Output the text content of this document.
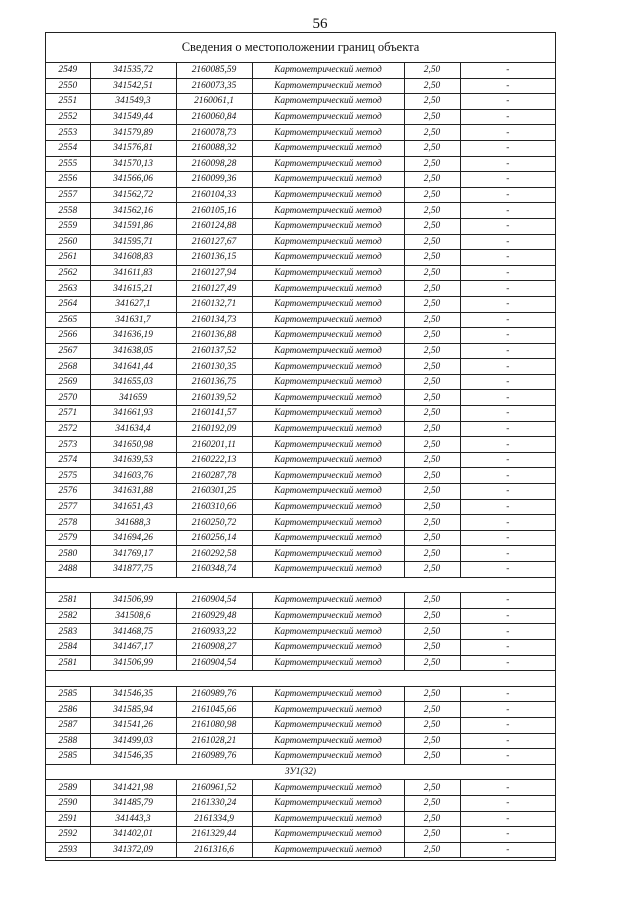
56
Сведения о местоположении границ объекта
2549	341535,72	2160085,59	Картометрический метод	2,50	-
2550	341542,51	2160073,35	Картометрический метод	2,50	-
2551	341549,3	2160061,1	Картометрический метод	2,50	-
2552	341549,44	2160060,84	Картометрический метод	2,50	-
2553	341579,89	2160078,73	Картометрический метод	2,50	-
2554	341576,81	2160088,32	Картометрический метод	2,50	-
2555	341570,13	2160098,28	Картометрический метод	2,50	-
2556	341566,06	2160099,36	Картометрический метод	2,50	-
2557	341562,72	2160104,33	Картометрический метод	2,50	-
2558	341562,16	2160105,16	Картометрический метод	2,50	-
2559	341591,86	2160124,88	Картометрический метод	2,50	-
2560	341595,71	2160127,67	Картометрический метод	2,50	-
2561	341608,83	2160136,15	Картометрический метод	2,50	-
2562	341611,83	2160127,94	Картометрический метод	2,50	-
2563	341615,21	2160127,49	Картометрический метод	2,50	-
2564	341627,1	2160132,71	Картометрический метод	2,50	-
2565	341631,7	2160134,73	Картометрический метод	2,50	-
2566	341636,19	2160136,88	Картометрический метод	2,50	-
2567	341638,05	2160137,52	Картометрический метод	2,50	-
2568	341641,44	2160130,35	Картометрический метод	2,50	-
2569	341655,03	2160136,75	Картометрический метод	2,50	-
2570	341659	2160139,52	Картометрический метод	2,50	-
2571	341661,93	2160141,57	Картометрический метод	2,50	-
2572	341634,4	2160192,09	Картометрический метод	2,50	-
2573	341650,98	2160201,11	Картометрический метод	2,50	-
2574	341639,53	2160222,13	Картометрический метод	2,50	-
2575	341603,76	2160287,78	Картометрический метод	2,50	-
2576	341631,88	2160301,25	Картометрический метод	2,50	-
2577	341651,43	2160310,66	Картометрический метод	2,50	-
2578	341688,3	2160250,72	Картометрический метод	2,50	-
2579	341694,26	2160256,14	Картометрический метод	2,50	-
2580	341769,17	2160292,58	Картометрический метод	2,50	-
2488	341877,75	2160348,74	Картометрический метод	2,50	-

2581	341506,99	2160904,54	Картометрический метод	2,50	-
2582	341508,6	2160929,48	Картометрический метод	2,50	-
2583	341468,75	2160933,22	Картометрический метод	2,50	-
2584	341467,17	2160908,27	Картометрический метод	2,50	-
2581	341506,99	2160904,54	Картометрический метод	2,50	-

2585	341546,35	2160989,76	Картометрический метод	2,50	-
2586	341585,94	2161045,66	Картометрический метод	2,50	-
2587	341541,26	2161080,98	Картометрический метод	2,50	-
2588	341499,03	2161028,21	Картометрический метод	2,50	-
2585	341546,35	2160989,76	Картометрический метод	2,50	-
ЗУ1(32)					
2589	341421,98	2160961,52	Картометрический метод	2,50	-
2590	341485,79	2161330,24	Картометрический метод	2,50	-
2591	341443,3	2161334,9	Картометрический метод	2,50	-
2592	341402,01	2161329,44	Картометрический метод	2,50	-
2593	341372,09	2161316,6	Картометрический метод	2,50	-
